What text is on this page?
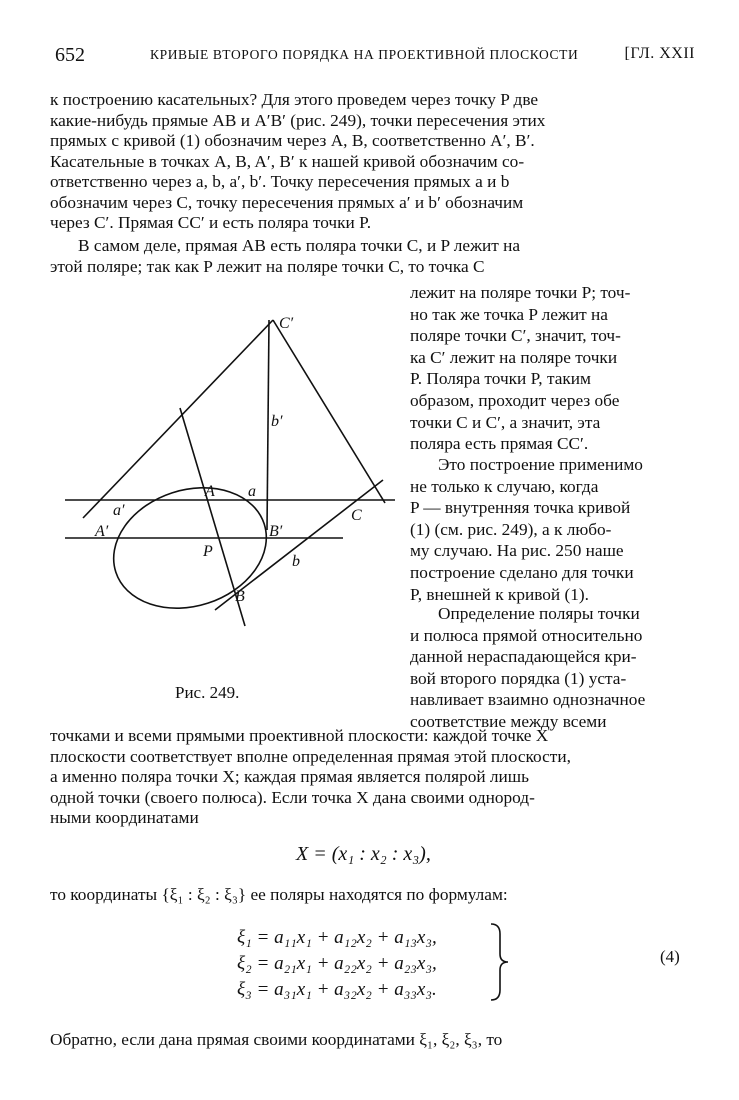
652	КРИВЫЕ ВТОРОГО ПОРЯДКА НА ПРОЕКТИВНОЙ ПЛОСКОСТИ	[ГЛ. XXII
к построению касательных? Для этого проведем через точку P две
какие-нибудь прямые AB и A′B′ (рис. 249), точки пересечения этих
прямых с кривой (1) обозначим через A, B, соответственно A′, B′.
Касательные в точках A, B, A′, B′ к нашей кривой обозначим со-
ответственно через a, b, a′, b′. Точку пересечения прямых a и b
обозначим через C, точку пересечения прямых a′ и b′ обозначим
через C′. Прямая CC′ и есть поляра точки P.
В самом деле, прямая AB есть поляра точки C, и P лежит на
этой поляре; так как P лежит на поляре точки C, то точка C
лежит на поляре точки P; точ-
но так же точка P лежит на
поляре точки C′, значит, точ-
ка C′ лежит на поляре точки
P. Поляра точки P, таким
образом, проходит через обе
точки C и C′, а значит, эта
поляра есть прямая CC′.
Это построение применимо
не только к случаю, когда
P — внутренняя точка кривой
(1) (см. рис. 249), а к любо-
му случаю. На рис. 250 наше
построение сделано для точки
P, внешней к кривой (1).
Определение поляры точки
и полюса прямой относительно
данной нераспадающейся кри-
вой второго порядка (1) уста-
навливает взаимно однозначное
соответствие между всеми
C′
b′
A a
a′
A′	B′
P
b
B
C
Рис. 249.
точками и всеми прямыми проективной плоскости: каждой точке X
плоскости соответствует вполне определенная прямая этой плоскости,
а именно поляра точки X; каждая прямая является полярой лишь
одной точки (своего полюса). Если точка X дана своими однород-
ными координатами
X = (x₁ : x₂ : x₃),
то координаты {ξ₁ : ξ₂ : ξ₃} ее поляры находятся по формулам:
ξ₁ = a₁₁x₁ + a₁₂x₂ + a₁₃x₃,
ξ₂ = a₂₁x₁ + a₂₂x₂ + a₂₃x₃,
ξ₃ = a₃₁x₁ + a₃₂x₂ + a₃₃x₃.
(4)
Обратно, если дана прямая своими координатами ξ₁, ξ₂, ξ₃, то
